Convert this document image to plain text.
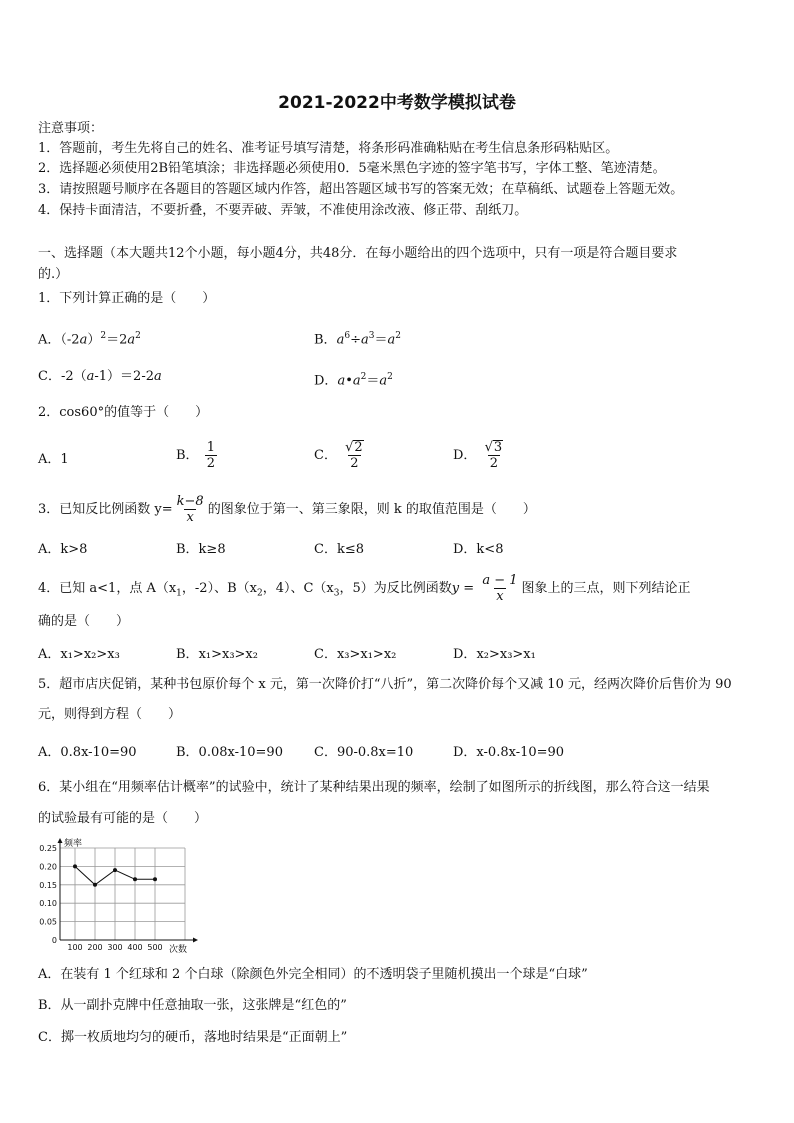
2021-2022中考数学模拟试卷
注意事项：
1．答题前，考生先将自己的姓名、准考证号填写清楚，将条形码准确粘贴在考生信息条形码粘贴区。
2．选择题必须使用2B铅笔填涂；非选择题必须使用0．5毫米黑色字迹的签字笔书写，字体工整、笔迹清楚。
3．请按照题号顺序在各题目的答题区域内作答，超出答题区域书写的答案无效；在草稿纸、试题卷上答题无效。
4．保持卡面清洁，不要折叠，不要弄破、弄皱，不准使用涂改液、修正带、刮纸刀。
一、选择题（本大题共12个小题，每小题4分，共48分．在每小题给出的四个选项中，只有一项是符合题目要求
的.）
1．下列计算正确的是（　　）
A．$(-2a)^2=2a^2$	B．$a^6\div a^3=a^2$
C．-2（a-1）＝2-2a	D．$a•a^2=a^2$
2．cos60°的值等于（　　）
A．1	B． $\frac{1}{2}$	C． $\frac{√ 2}{2}$	D． $\frac{√ 3}{2}$
3．已知反比例函数 $y= \frac{k-8}{x}$ 的图象位于第一、第三象限，则 k 的取值范围是（　　）
A．k>8	B．k≥8	C．k≤8	D．k<8
4．已知 a<1，点 $A(x_1$，-2）、$B(x_2$，4）、$C(x_3$，5）为反比例函数$y = \frac{a - 1}{x}$ 图象上的三点，则下列结论正
确的是（　　）
A．x₁>x₂>x₃	B．x₁>x₃>x₂	C．x₃>x₁>x₂	D．x₂>x₃>x₁
5．超市店庆促销，某种书包原价每个 x 元，第一次降价打“八折”，第二次降价每个又减 10 元，经两次降价后售价为 90
元，则得到方程（　　）
A．0.8x-10=90	B．0.08x-10=90 C．90-0.8x=10	D．x-0.8x-10=90
6．某小组在“用频率估计概率”的试验中，统计了某种结果出现的频率，绘制了如图所示的折线图，那么符合这一结果
的试验最有可能的是（　　）
0.25
0.20
0.15
0.10
0.05
0
100 200 300 400 500
频率
次数
A．在装有 1 个红球和 2 个白球（除颜色外完全相同）的不透明袋子里随机摸出一个球是“白球”
B．从一副扑克牌中任意抽取一张，这张牌是“红色的”
C．掷一枚质地均匀的硬币，落地时结果是“正面朝上”
